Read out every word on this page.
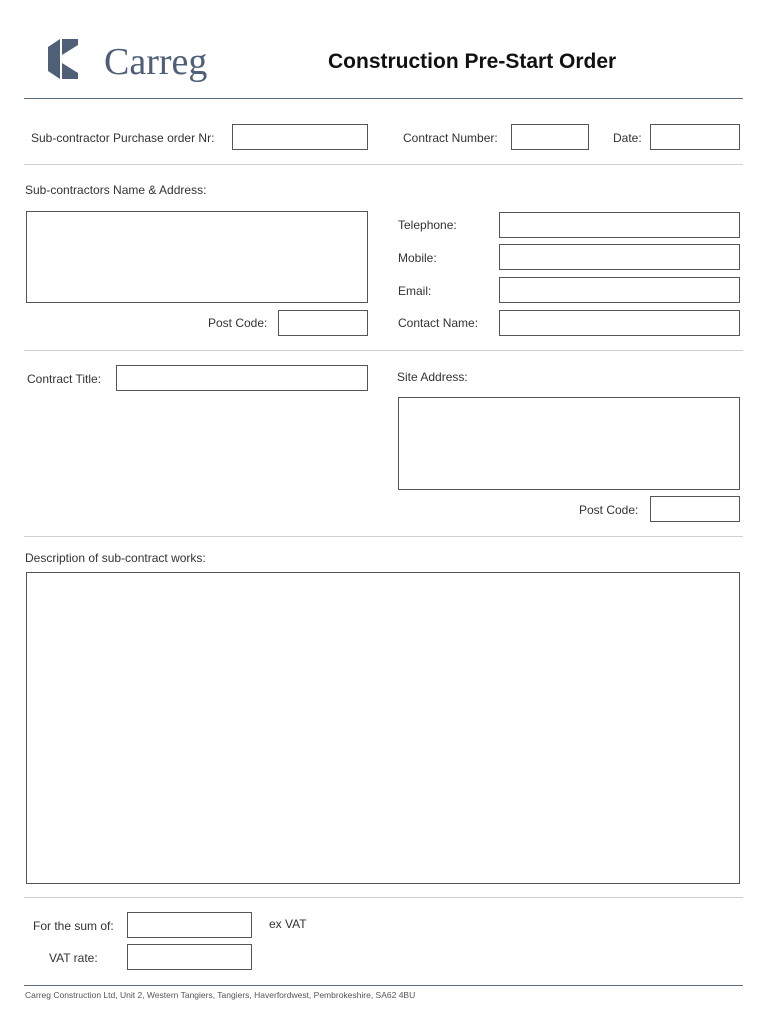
Carreg	Construction Pre-Start Order
Sub-contractor Purchase order Nr:	Contract Number:	Date:
Sub-contractors Name & Address:
Post Code:
Telephone:
Mobile:
Email:
Contact Name:
Contract Title:	Site Address:
Post Code:
Description of sub-contract works:
For the sum of:	ex VAT
VAT rate:
Carreg Construction Ltd, Unit 2, Western Tangiers, Tangiers, Haverfordwest, Pembrokeshire, SA62 4BU
